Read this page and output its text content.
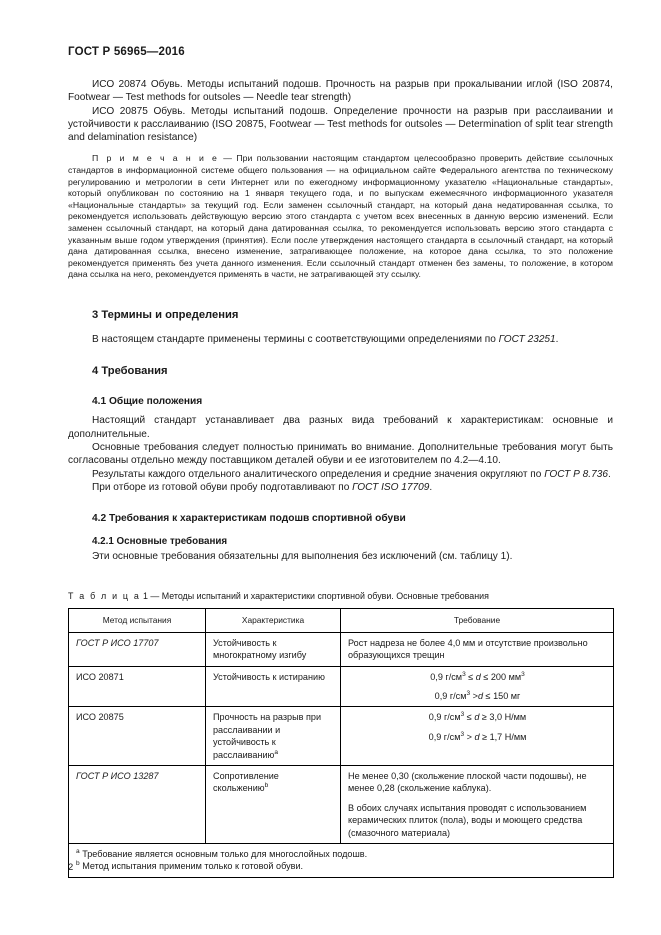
ГОСТ Р 56965—2016

ИСО 20874 Обувь. Методы испытаний подошв. Прочность на разрыв при прокалывании иглой (ISO 20874, Footwear — Test methods for outsoles — Needle tear strength)

ИСО 20875 Обувь. Методы испытаний подошв. Определение прочности на разрыв при расслаивании и устойчивости к расслаиванию (ISO 20875, Footwear — Test methods for outsoles — Determination of split tear strength and delamination resistance)

П р и м е ч а н и е — При пользовании настоящим стандартом целесообразно проверить действие ссылочных стандартов в информационной системе общего пользования — на официальном сайте Федерального агентства по техническому регулированию и метрологии в сети Интернет или по ежегодному информационному указателю «Национальные стандарты», который опубликован по состоянию на 1 января текущего года, и по выпускам ежемесячного информационного указателя «Национальные стандарты» за текущий год. Если заменен ссылочный стандарт, на который дана недатированная ссылка, то рекомендуется использовать действующую версию этого стандарта с учетом всех внесенных в данную версию изменений. Если заменен ссылочный стандарт, на который дана датированная ссылка, то рекомендуется использовать версию этого стандарта с указанным выше годом утверждения (принятия). Если после утверждения настоящего стандарта в ссылочный стандарт, на который дана датированная ссылка, внесено изменение, затрагивающее положение, на которое дана ссылка, то это положение рекомендуется применять без учета данного изменения. Если ссылочный стандарт отменен без замены, то положение, в котором дана ссылка на него, рекомендуется применять в части, не затрагивающей эту ссылку.

3 Термины и определения

В настоящем стандарте применены термины с соответствующими определениями по ГОСТ 23251.

4 Требования
4.1 Общие положения

Настоящий стандарт устанавливает два разных вида требований к характеристикам: основные и дополнительные.

Основные требования следует полностью принимать во внимание. Дополнительные требования могут быть согласованы отдельно между поставщиком деталей обуви и ее изготовителем по 4.2—4.10.

Результаты каждого отдельного аналитического определения и средние значения округляют по ГОСТ Р 8.736.

При отборе из готовой обуви пробу подготавливают по ГОСТ ISO 17709.

4.2 Требования к характеристикам подошв спортивной обуви
4.2.1 Основные требования

Эти основные требования обязательны для выполнения без исключений (см. таблицу 1).

Т а б л и ц а 1 — Методы испытаний и характеристики спортивной обуви. Основные требования

Метод испытания	Характеристика	Требование
ГОСТ Р ИСО 17707	Устойчивость к многократному изгибу	Рост надреза не более 4,0 мм и отсутствие произвольно образующихся трещин

ИСО 20871	Устойчивость к истиранию	0,9 $г/см^3 \le d \le 200$ $мм^3$
0,9 $г/см^3 >d \le 150$ мг

ИСО 20875	Прочность на разрыв при расслаивании и устойчивость к расслаиванию$^a$	0,9 $г/см^3 \le d \ge 3,0$ Н/мм
0,9 $г/см^3 > d \ge 1,7$ Н/мм

ГОСТ Р ИСО 13287	Сопротивление скольжению$^b$	Не менее 0,30 (скольжение плоской части подошвы), не менее 0,28 (скольжение каблука).
В обоих случаях испытания проводят с использованием керамических плиток (пола), воды и моющего средства (смазочного материала)

$^a$ Требование является основным только для многослойных подошв.
$^b$ Метод испытания применим только к готовой обуви.		
2
